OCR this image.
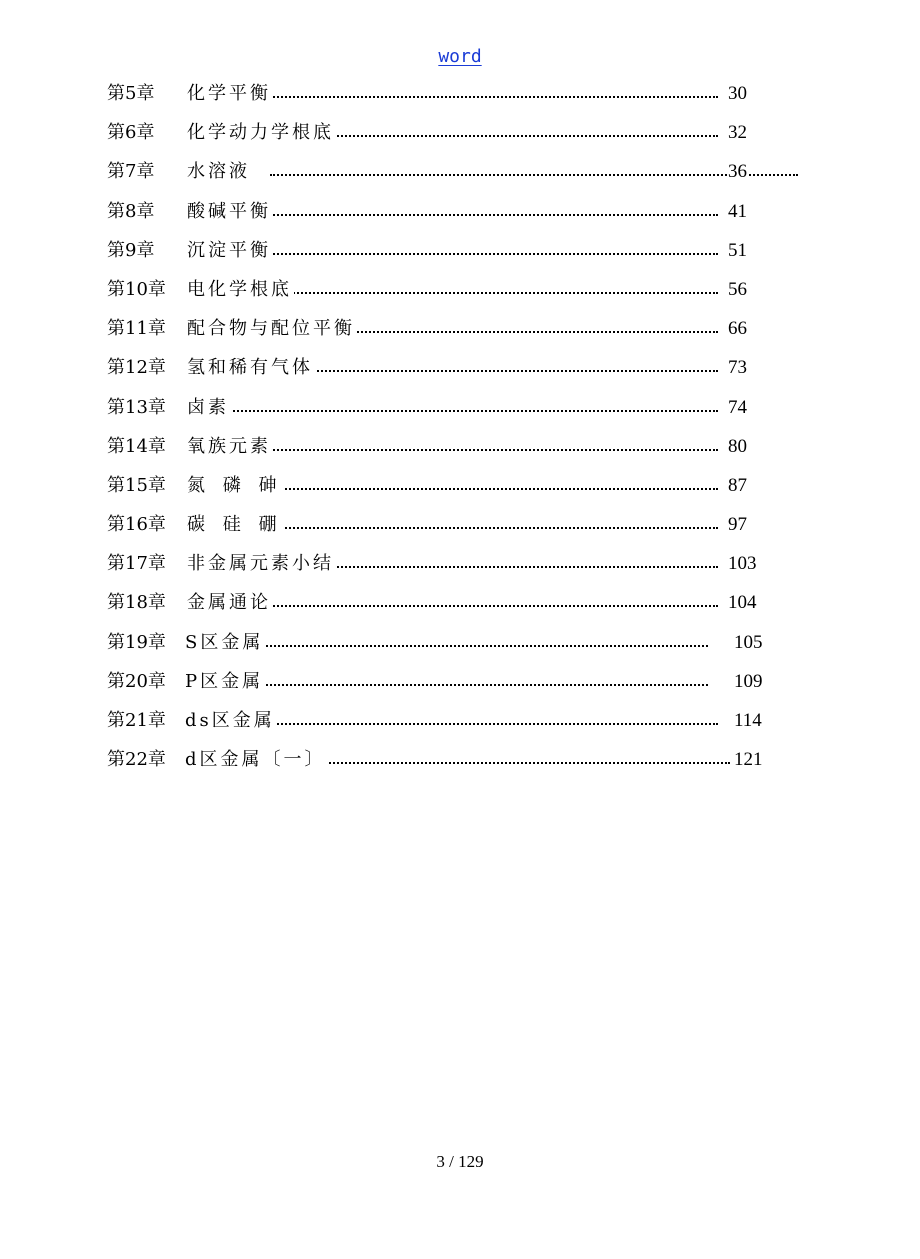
word
第5章 化学平衡	30
第6章 化学动力学根底	32
第7章 水溶液	36
第8章 酸碱平衡	41
第9章 沉淀平衡	51
第10章 电化学根底	56
第11章 配合物与配位平衡	66
第12章 氢和稀有气体	73
第13章 卤素	74
第14章 氧族元素	80
第15章 氮 磷 砷	87
第16章 碳 硅 硼	97
第17章 非金属元素小结	103
第18章 金属通论	104
第19章 S区金属	105
第20章 P区金属	109
第21章 ds区金属	114
第22章 d区金属〔一〕	121
3 / 129
